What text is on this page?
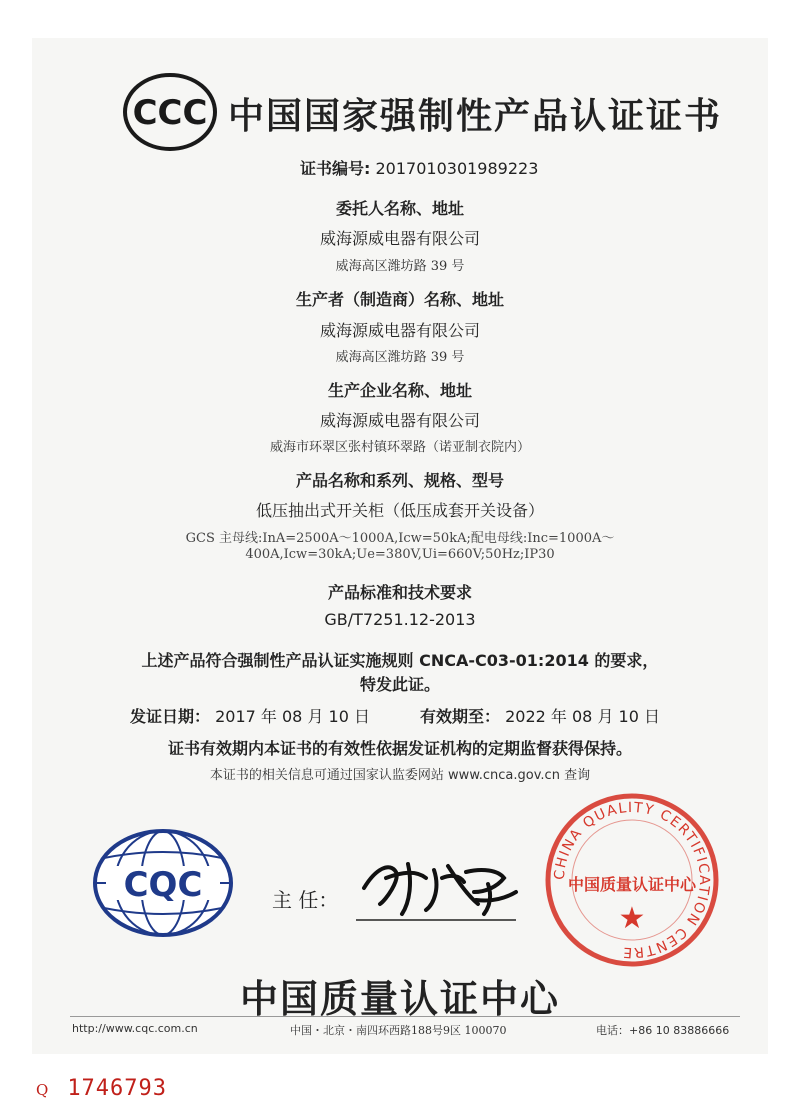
CCC 中国国家强制性产品认证证书
证书编号: 2017010301989223
委托人名称、地址
威海源威电器有限公司
威海高区潍坊路 39 号
生产者（制造商）名称、地址
威海源威电器有限公司
威海高区潍坊路 39 号
生产企业名称、地址
威海源威电器有限公司
威海市环翠区张村镇环翠路（诺亚制衣院内）
产品名称和系列、规格、型号
低压抽出式开关柜（低压成套开关设备）
GCS 主母线:InA=2500A～1000A,Icw=50kA;配电母线:Inc=1000A～
400A,Icw=30kA;Ue=380V,Ui=660V;50Hz;IP30
产品标准和技术要求
GB/T7251.12-2013
上述产品符合强制性产品认证实施规则 CNCA-C03-01:2014 的要求，
特发此证。
发证日期： 2017 年 08 月 10 日	有效期至： 2022 年 08 月 10 日
证书有效期内本证书的有效性依据发证机构的定期监督获得保持。
本证书的相关信息可通过国家认监委网站 www.cnca.gov.cn 查询
CQC	主 任：
CHINA QUALITY CERTIFICATION CENTRE
中国质量认证中心
★
中国质量认证中心
http://www.cqc.com.cn	中国・北京・南四环西路188号9区 100070	电话：+86 10 83886666
Q 1746793
